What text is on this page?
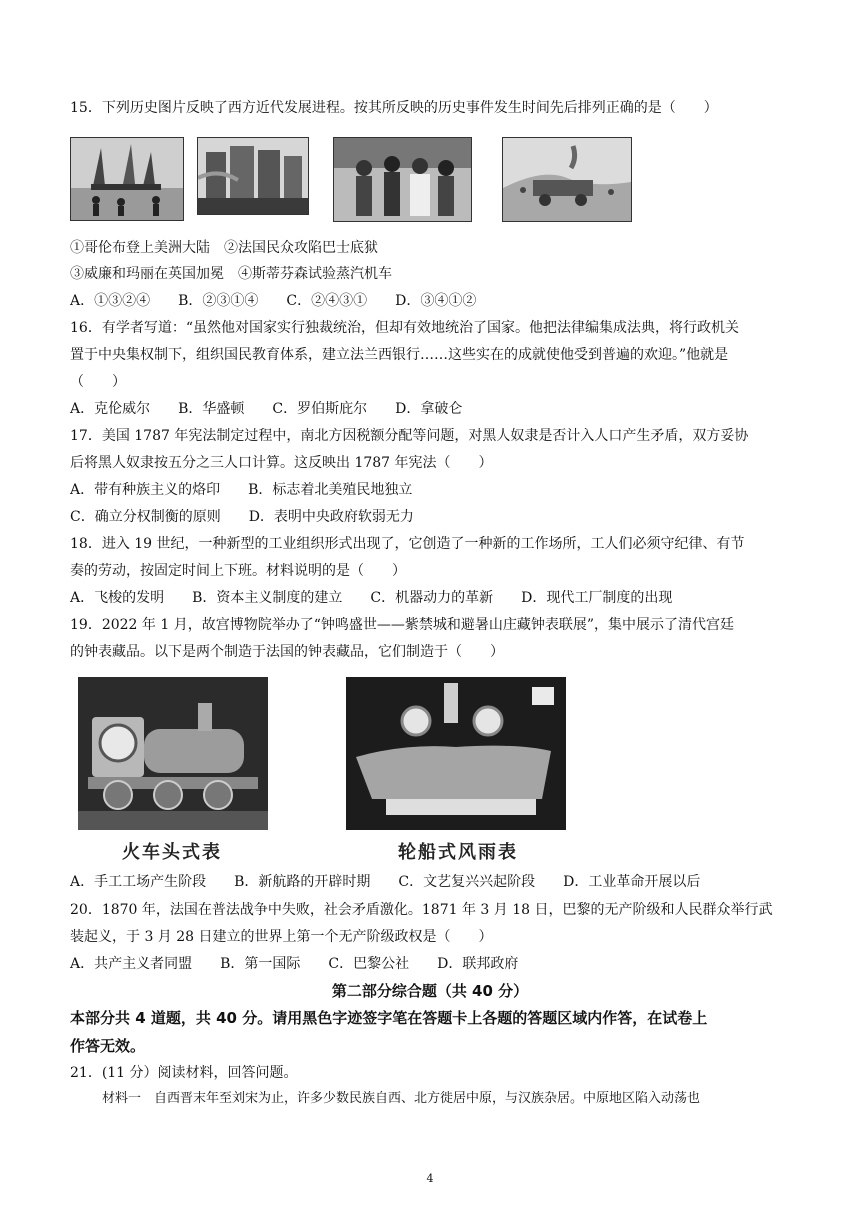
15．下列历史图片反映了西方近代发展进程。按其所反映的历史事件发生时间先后排列正确的是（　　）
①哥伦布登上美洲大陆　②法国民众攻陷巴士底狱
③威廉和玛丽在英国加冕　④斯蒂芬森试验蒸汽机车
A．①③②④　　B．②③①④　　C．②④③①　　D．③④①②
16．有学者写道：“虽然他对国家实行独裁统治，但却有效地统治了国家。他把法律编集成法典，将行政机关
置于中央集权制下，组织国民教育体系，建立法兰西银行……这些实在的成就使他受到普遍的欢迎。”他就是
（　　）
A．克伦威尔　　B．华盛顿　　C．罗伯斯庇尔　　D．拿破仑
17．美国 1787 年宪法制定过程中，南北方因税额分配等问题，对黑人奴隶是否计入人口产生矛盾，双方妥协
后将黑人奴隶按五分之三人口计算。这反映出 1787 年宪法（　　）
A．带有种族主义的烙印　　B．标志着北美殖民地独立
C．确立分权制衡的原则　　D．表明中央政府软弱无力
18．进入 19 世纪，一种新型的工业组织形式出现了，它创造了一种新的工作场所，工人们必须守纪律、有节
奏的劳动，按固定时间上下班。材料说明的是（　　）
A．飞梭的发明　　B．资本主义制度的建立　　C．机器动力的革新　　D．现代工厂制度的出现
19．2022 年 1 月，故宫博物院举办了“钟鸣盛世——紫禁城和避暑山庄藏钟表联展”，集中展示了清代宫廷
的钟表藏品。以下是两个制造于法国的钟表藏品，它们制造于（　　）
火车头式表	轮船式风雨表
A．手工工场产生阶段　　B．新航路的开辟时期　　C．文艺复兴兴起阶段　　D．工业革命开展以后
20．1870 年，法国在普法战争中失败，社会矛盾激化。1871 年 3 月 18 日，巴黎的无产阶级和人民群众举行武
装起义，于 3 月 28 日建立的世界上第一个无产阶级政权是（　　）
A．共产主义者同盟　　B．第一国际　　C．巴黎公社　　D．联邦政府
第二部分综合题（共 40 分）
本部分共 4 道题，共 40 分。请用黑色字迹签字笔在答题卡上各题的答题区域内作答，在试卷上
作答无效。
21．(11 分）阅读材料，回答问题。
材料一　自西晋末年至刘宋为止，许多少数民族自西、北方徙居中原，与汉族杂居。中原地区陷入动荡也
4
